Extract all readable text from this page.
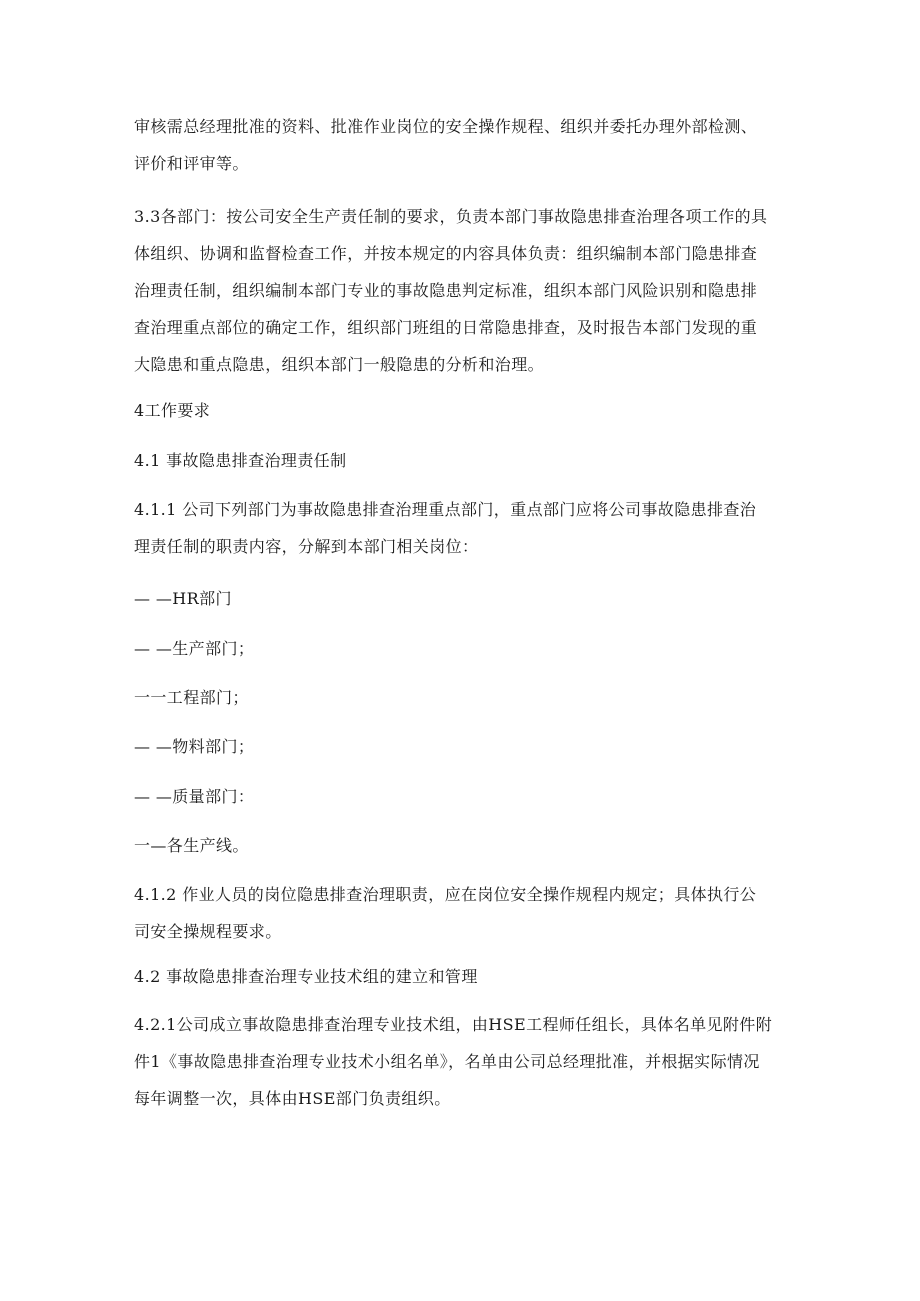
审核需总经理批准的资料、批准作业岗位的安全操作规程、组织并委托办理外部检测、
评价和评审等。
3.3各部门：按公司安全生产责任制的要求，负责本部门事故隐患排查治理各项工作的具
体组织、协调和监督检查工作，并按本规定的内容具体负责：组织编制本部门隐患排查
治理责任制，组织编制本部门专业的事故隐患判定标准，组织本部门风险识别和隐患排
查治理重点部位的确定工作，组织部门班组的日常隐患排查，及时报告本部门发现的重
大隐患和重点隐患，组织本部门一般隐患的分析和治理。
4工作要求
4.1 事故隐患排查治理责任制
4.1.1 公司下列部门为事故隐患排查治理重点部门，重点部门应将公司事故隐患排查治
理责任制的职责内容，分解到本部门相关岗位：
— —HR部门
— —生产部门；
一一工程部门；
— —物料部门；
— —质量部门：
一—各生产线。
4.1.2 作业人员的岗位隐患排查治理职责，应在岗位安全操作规程内规定；具体执行公
司安全操规程要求。
4.2 事故隐患排查治理专业技术组的建立和管理
4.2.1公司成立事故隐患排查治理专业技术组，由HSE工程师任组长，具体名单见附件附
件1《事故隐患排查治理专业技术小组名单》，名单由公司总经理批准，并根据实际情况
每年调整一次，具体由HSE部门负责组织。
